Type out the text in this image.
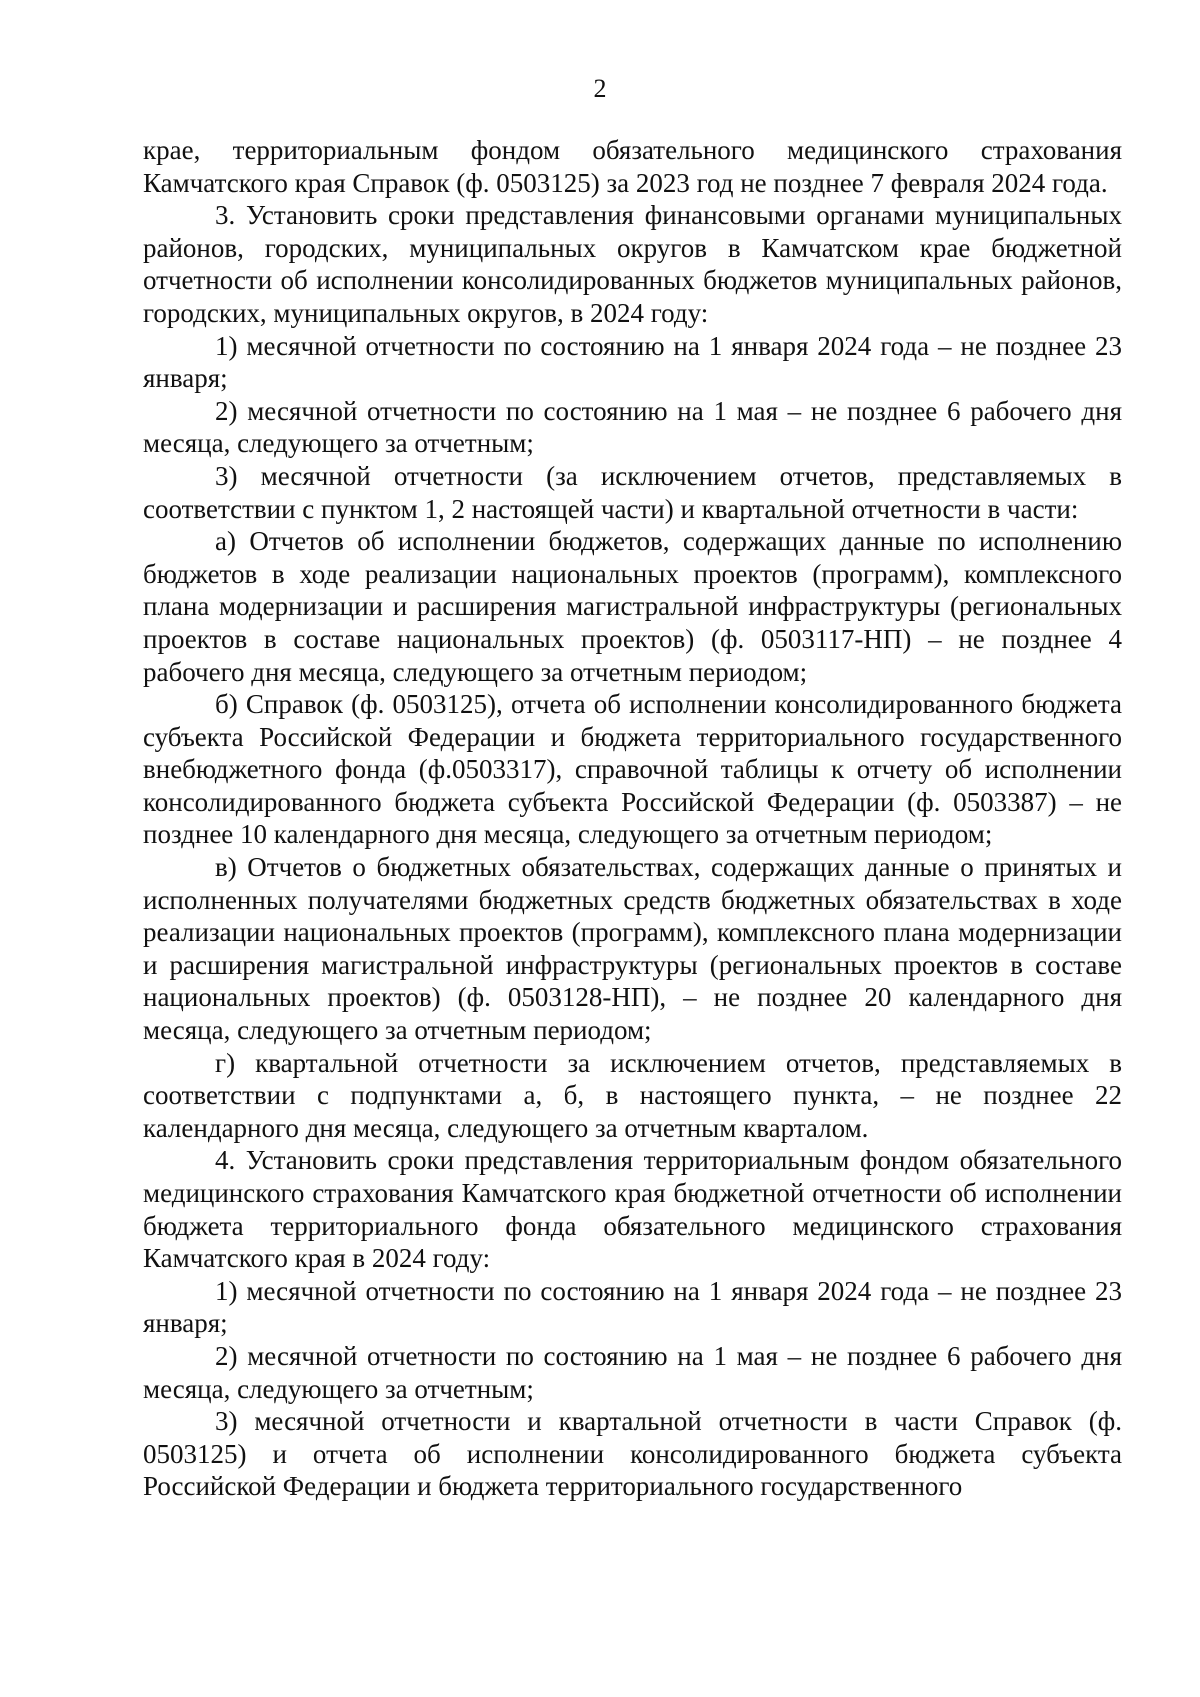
2

крае, территориальным фондом обязательного медицинского страхования Камчатского края Справок (ф. 0503125) за 2023 год не позднее 7 февраля 2024 года.

3. Установить сроки представления финансовыми органами муниципальных районов, городских, муниципальных округов в Камчатском крае бюджетной отчетности об исполнении консолидированных бюджетов муниципальных районов, городских, муниципальных округов, в 2024 году:

1) месячной отчетности по состоянию на 1 января 2024 года – не позднее 23 января;

2) месячной отчетности по состоянию на 1 мая – не позднее 6 рабочего дня месяца, следующего за отчетным;

3) месячной отчетности (за исключением отчетов, представляемых в соответствии с пунктом 1, 2 настоящей части) и квартальной отчетности в части:

а) Отчетов об исполнении бюджетов, содержащих данные по исполнению бюджетов в ходе реализации национальных проектов (программ), комплексного плана модернизации и расширения магистральной инфраструктуры (региональных проектов в составе национальных проектов) (ф. 0503117-НП) – не позднее 4 рабочего дня месяца, следующего за отчетным периодом;

б) Справок (ф. 0503125), отчета об исполнении консолидированного бюджета субъекта Российской Федерации и бюджета территориального государственного внебюджетного фонда (ф.0503317), справочной таблицы к отчету об исполнении консолидированного бюджета субъекта Российской Федерации (ф. 0503387) – не позднее 10 календарного дня месяца, следующего за отчетным периодом;

в) Отчетов о бюджетных обязательствах, содержащих данные о принятых и исполненных получателями бюджетных средств бюджетных обязательствах в ходе реализации национальных проектов (программ), комплексного плана модернизации и расширения магистральной инфраструктуры (региональных проектов в составе национальных проектов) (ф. 0503128-НП), – не позднее 20 календарного дня месяца, следующего за отчетным периодом;

г) квартальной отчетности за исключением отчетов, представляемых в соответствии с подпунктами а, б, в настоящего пункта, – не позднее 22 календарного дня месяца, следующего за отчетным кварталом.

4. Установить сроки представления территориальным фондом обязательного медицинского страхования Камчатского края бюджетной отчетности об исполнении бюджета территориального фонда обязательного медицинского страхования Камчатского края в 2024 году:

1) месячной отчетности по состоянию на 1 января 2024 года – не позднее 23 января;

2) месячной отчетности по состоянию на 1 мая – не позднее 6 рабочего дня месяца, следующего за отчетным;

3) месячной отчетности и квартальной отчетности в части Справок (ф. 0503125) и отчета об исполнении консолидированного бюджета субъекта Российской Федерации и бюджета территориального государственного
